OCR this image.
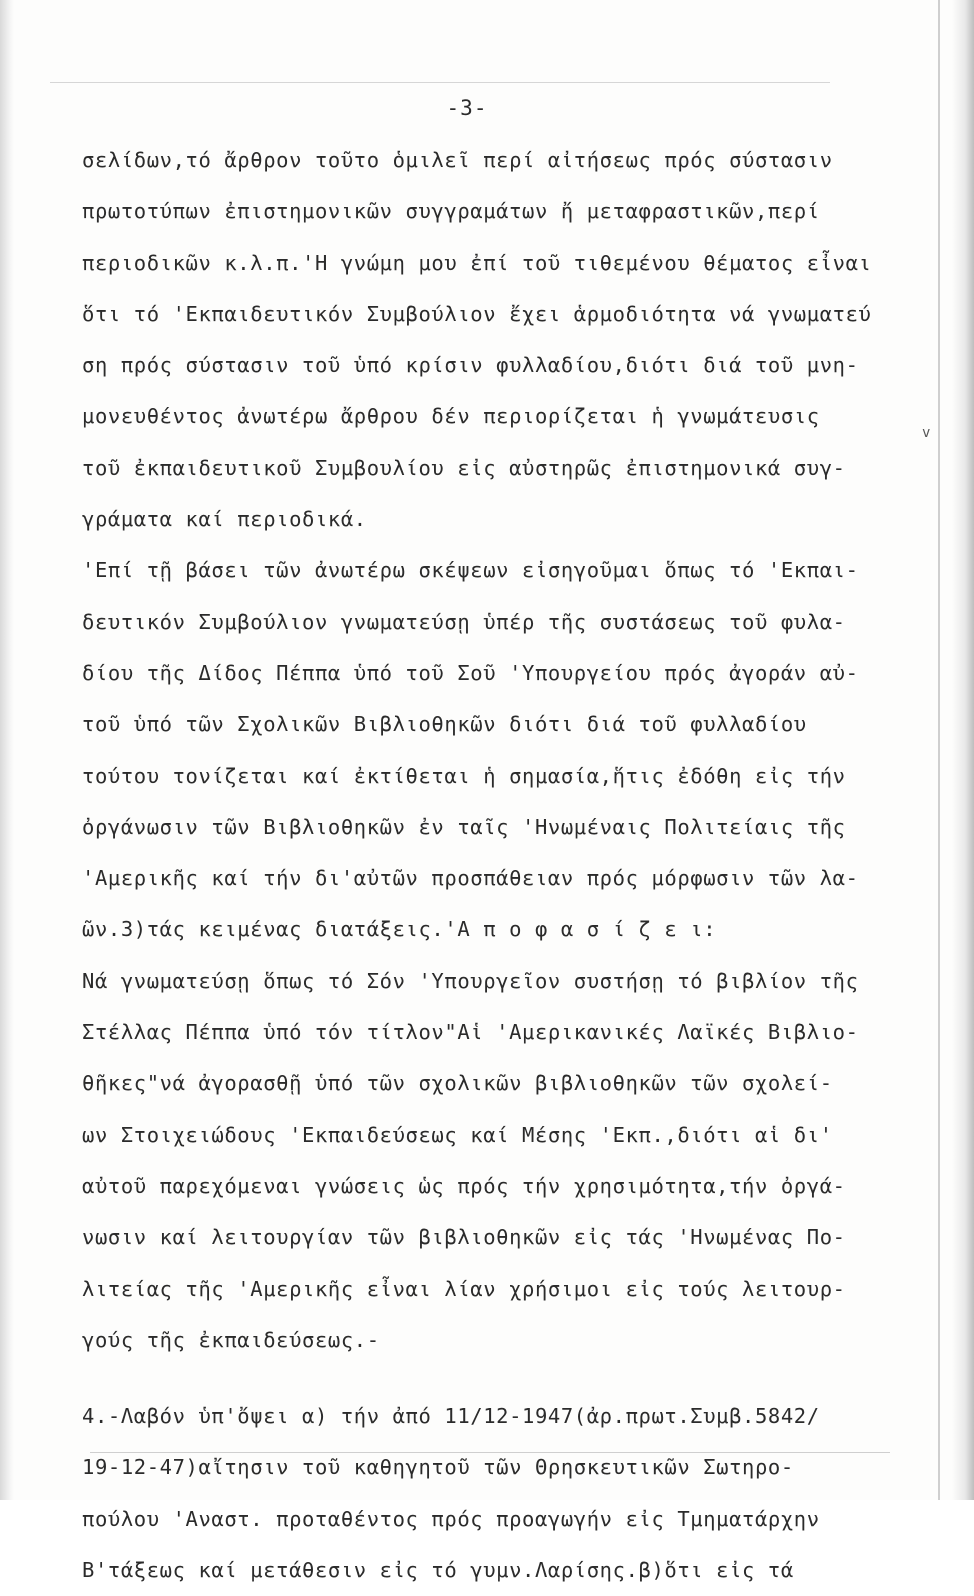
-3-
σελίδων,τό ἄρθρον τοῦτο ὁμιλεῖ περί αἰτήσεως πρός σύστασιν
πρωτοτύπων ἐπιστημονικῶν συγγραμάτων ἤ μεταφραστικῶν,περί
περιοδικῶν κ.λ.π.'Η γνώμη μου ἐπί τοῦ τιθεμένου θέματος εἶναι
ὅτι τό 'Εκπαιδευτικόν Συμβούλιον ἔχει ἁρμοδιότητα νά γνωματεύ
ση πρός σύστασιν τοῦ ὑπό κρίσιν φυλλαδίου,διότι διά τοῦ μνη-
μονευθέντος ἀνωτέρω ἄρθρου δέν περιορίζεται ἡ γνωμάτευσις
τοῦ ἐκπαιδευτικοῦ Συμβουλίου εἰς αὐστηρῶς ἐπιστημονικά συγ-
γράματα καί περιοδικά.
'Επί τῇ βάσει τῶν ἀνωτέρω σκέψεων εἰσηγοῦμαι ὅπως τό 'Εκπαι-
δευτικόν Συμβούλιον γνωματεύσῃ ὑπέρ τῆς συστάσεως τοῦ φυλα-
δίου τῆς Δίδος Πέππα ὑπό τοῦ Σοῦ 'Υπουργείου πρός ἀγοράν αὐ-
τοῦ ὑπό τῶν Σχολικῶν Βιβλιοθηκῶν διότι διά τοῦ φυλλαδίου
τούτου τονίζεται καί ἐκτίθεται ἡ σημασία,ἥτις ἐδόθη εἰς τήν
ὀργάνωσιν τῶν Βιβλιοθηκῶν ἐν ταῖς 'Ηνωμέναις Πολιτείαις τῆς
'Αμερικῆς καί τήν δι'αὐτῶν προσπάθειαν πρός μόρφωσιν τῶν λα-
ῶν.3)τάς κειμένας διατάξεις.'Α π ο φ α σ ί ζ ε ι:
Νά γνωματεύσῃ ὅπως τό Σόν 'Υπουργεῖον συστήσῃ τό βιβλίον τῆς
Στέλλας Πέππα ὑπό τόν τίτλον"Αἱ 'Αμερικανικές Λαϊκές Βιβλιο-
θῆκες"νά ἀγορασθῇ ὑπό τῶν σχολικῶν βιβλιοθηκῶν τῶν σχολεί-
ων Στοιχειώδους 'Εκπαιδεύσεως καί Μέσης 'Εκπ.,διότι αἱ δι'
αὐτοῦ παρεχόμεναι γνώσεις ὡς πρός τήν χρησιμότητα,τήν ὀργά-
νωσιν καί λειτουργίαν τῶν βιβλιοθηκῶν εἰς τάς 'Ηνωμένας Πο-
λιτείας τῆς 'Αμερικῆς εἶναι λίαν χρήσιμοι εἰς τούς λειτουρ-
γούς τῆς ἐκπαιδεύσεως.-
4.-Λαβόν ὑπ'ὄψει α) τήν ἀπό 11/12-1947(ἀρ.πρωτ.Συμβ.5842/
19-12-47)αἴτησιν τοῦ καθηγητοῦ τῶν Θρησκευτικῶν Σωτηρο-
πούλου 'Αναστ. προταθέντος πρός προαγωγήν εἰς Τμηματάρχην
Β'τάξεως καί μετάθεσιν εἰς τό γυμν.Λαρίσης.β)ὅτι εἰς τά
v
